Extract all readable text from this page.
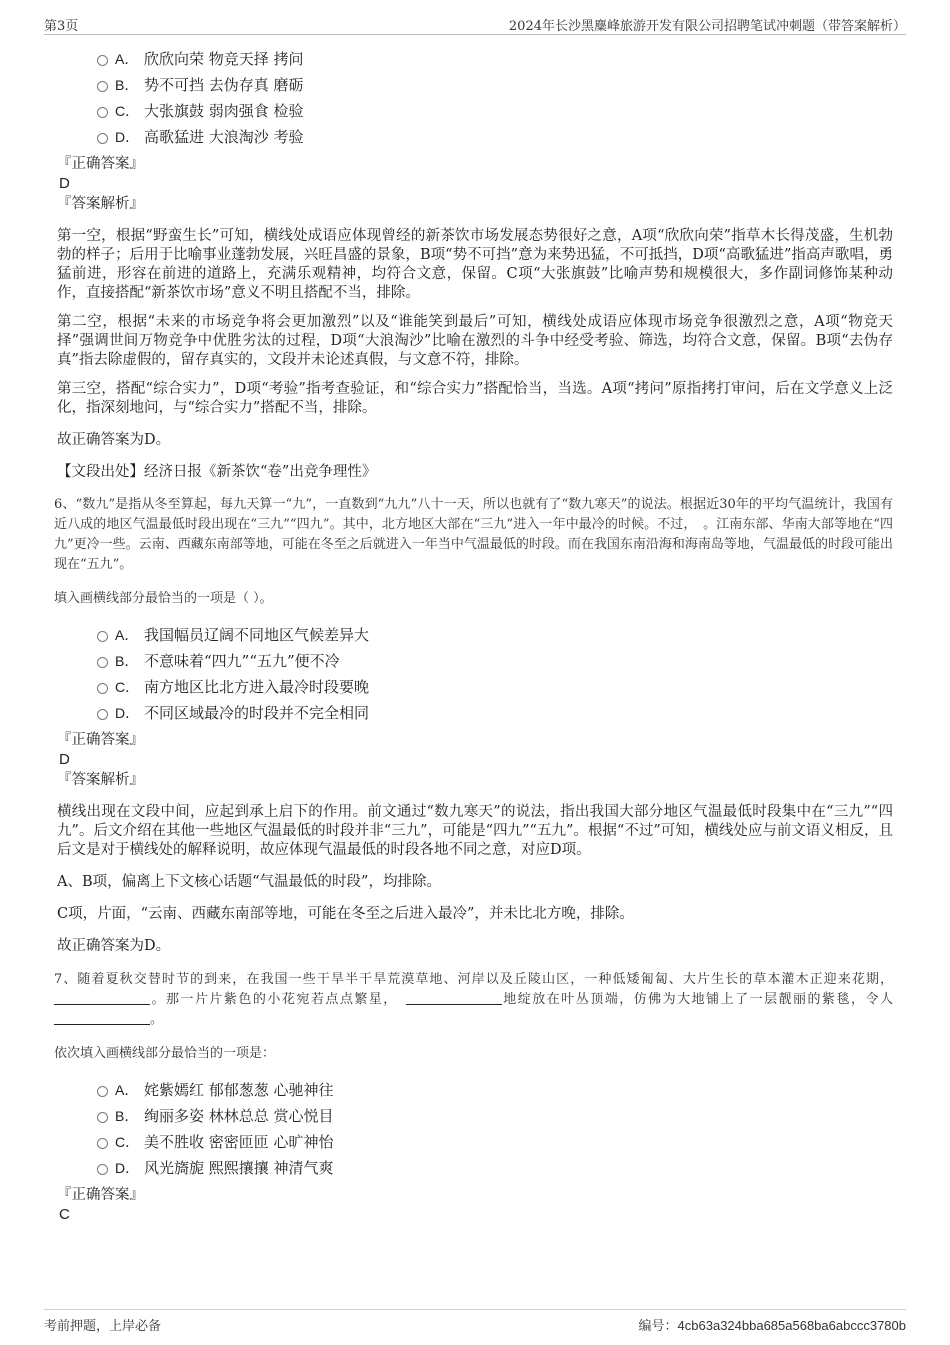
第3页	2024年长沙黑麋峰旅游开发有限公司招聘笔试冲刺题（带答案解析）
A． 欣欣向荣 物竞天择 拷问
B． 势不可挡 去伪存真 磨砺
C． 大张旗鼓 弱肉强食 检验
D． 高歌猛进 大浪淘沙 考验

『正确答案』

D

『答案解析』

第一空，根据“野蛮生长”可知，横线处成语应体现曾经的新茶饮市场发展态势很好之意，A项“欣欣向荣”指草木长得茂盛，生机勃勃的样子；后用于比喻事业蓬勃发展，兴旺昌盛的景象，B项“势不可挡”意为来势迅猛，不可抵挡，D项“高歌猛进”指高声歌唱，勇猛前进，形容在前进的道路上，充满乐观精神，均符合文意，保留。C项“大张旗鼓”比喻声势和规模很大，多作副词修饰某种动作，直接搭配“新茶饮市场”意义不明且搭配不当，排除。

第二空，根据“未来的市场竞争将会更加激烈”以及“谁能笑到最后”可知，横线处成语应体现市场竞争很激烈之意，A项“物竞天择”强调世间万物竞争中优胜劣汰的过程，D项“大浪淘沙”比喻在激烈的斗争中经受考验、筛选，均符合文意，保留。B项“去伪存真”指去除虚假的，留存真实的，文段并未论述真假，与文意不符，排除。

第三空，搭配“综合实力”，D项“考验”指考查验证，和“综合实力”搭配恰当，当选。A项“拷问”原指拷打审问，后在文学意义上泛化，指深刻地问，与“综合实力”搭配不当，排除。

故正确答案为D。

【文段出处】经济日报《新茶饮“卷”出竞争理性》

6、“数九”是指从冬至算起，每九天算一“九”，一直数到“九九”八十一天，所以也就有了“数九寒天”的说法。根据近30年的平均气温统计，我国有近八成的地区气温最低时段出现在“三九”“四九”。其中，北方地区大部在“三九”进入一年中最冷的时候。不过，　。江南东部、华南大部等地在“四九”更冷一些。云南、西藏东南部等地，可能在冬至之后就进入一年当中气温最低的时段。而在我国东南沿海和海南岛等地，气温最低的时段可能出现在“五九”。

填入画横线部分最恰当的一项是（ ）。

A． 我国幅员辽阔不同地区气候差异大
B． 不意味着“四九”“五九”便不冷
C． 南方地区比北方进入最冷时段要晚
D． 不同区域最冷的时段并不完全相同

『正确答案』

D

『答案解析』

横线出现在文段中间，应起到承上启下的作用。前文通过“数九寒天”的说法，指出我国大部分地区气温最低时段集中在“三九”“四九”。后文介绍在其他一些地区气温最低的时段并非“三九”，可能是“四九”“五九”。根据“不过”可知，横线处应与前文语义相反，且后文是对于横线处的解释说明，故应体现气温最低的时段各地不同之意，对应D项。

A、B项，偏离上下文核心话题“气温最低的时段”，均排除。

C项，片面，“云南、西藏东南部等地，可能在冬至之后进入最冷”，并未比北方晚，排除。

故正确答案为D。

7、随着夏秋交替时节的到来，在我国一些干旱半干旱荒漠草地、河岸以及丘陵山区，一种低矮匍匐、大片生长的草本灌木正迎来花期，。那一片片紫色的小花宛若点点繁星，　	地绽放在叶丛顶端，仿佛为大地铺上了一层靓丽的紫毯，令人。

依次填入画横线部分最恰当的一项是：

A． 姹紫嫣红 郁郁葱葱 心驰神往
B． 绚丽多姿 林林总总 赏心悦目
C． 美不胜收 密密匝匝 心旷神怡
D． 风光旖旎 熙熙攘攘 神清气爽

『正确答案』

C

考前押题，上岸必备	编号：4cb63a324bba685a568ba6abccc3780b
